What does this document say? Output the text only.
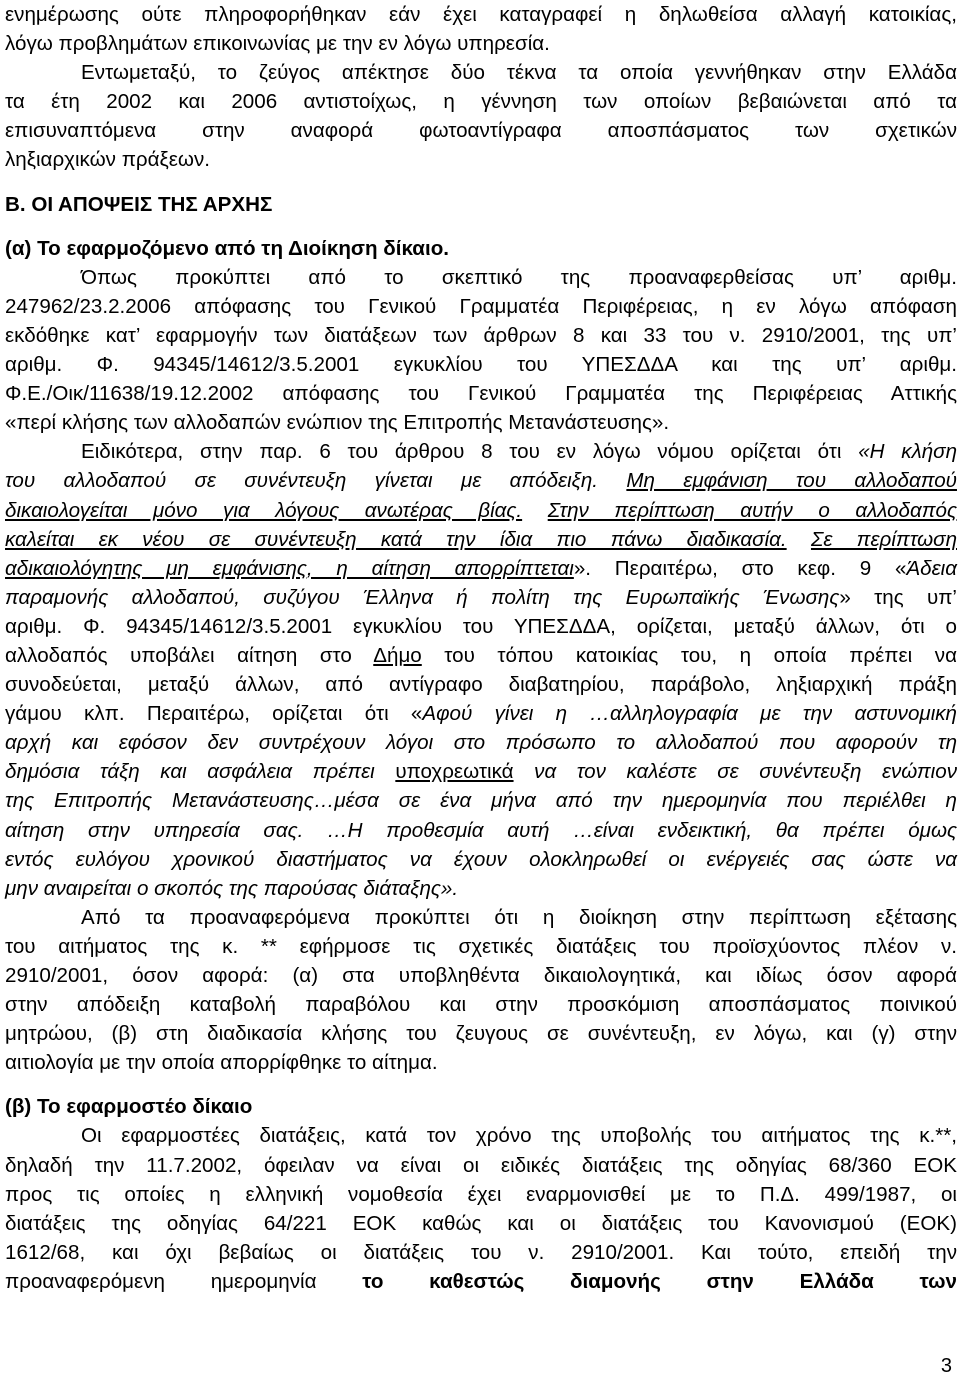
ενημέρωσης ούτε πληροφορήθηκαν εάν έχει καταγραφεί η δηλωθείσα αλλαγή κατοικίας,
λόγω προβλημάτων επικοινωνίας με την εν λόγω υπηρεσία.
Εντωμεταξύ, το ζεύγος απέκτησε δύο τέκνα τα οποία γεννήθηκαν στην Ελλάδα
τα έτη 2002 και 2006 αντιστοίχως, η γέννηση των οποίων βεβαιώνεται από τα
επισυναπτόμενα στην αναφορά φωτοαντίγραφα αποσπάσματος των σχετικών
ληξιαρχικών πράξεων.
Β. ΟΙ ΑΠΟΨΕΙΣ ΤΗΣ ΑΡΧΗΣ
(α) Το εφαρμοζόμενο από τη Διοίκηση δίκαιο.
Όπως προκύπτει από το σκεπτικό της προαναφερθείσας υπ’ αριθμ.
247962/23.2.2006 απόφασης του Γενικού Γραμματέα Περιφέρειας, η εν λόγω απόφαση
εκδόθηκε κατ’ εφαρμογήν των διατάξεων των άρθρων 8 και 33 του ν. 2910/2001, της υπ’
αριθμ. Φ. 94345/14612/3.5.2001 εγκυκλίου του ΥΠΕΣΔΔΑ και της υπ’ αριθμ.
Φ.Ε./Οικ/11638/19.12.2002 απόφασης του Γενικού Γραμματέα της Περιφέρειας Αττικής
«περί κλήσης των αλλοδαπών ενώπιον της Επιτροπής Μετανάστευσης».
Ειδικότερα, στην παρ. 6 του άρθρου 8 του εν λόγω νόμου ορίζεται ότι «Η κλήση
του αλλοδαπού σε συνέντευξη γίνεται με απόδειξη. Μη εμφάνιση του αλλοδαπού
δικαιολογείται μόνο για λόγους ανωτέρας βίας. Στην περίπτωση αυτήν ο αλλοδαπός
καλείται εκ νέου σε συνέντευξη κατά την ίδια πιο πάνω διαδικασία. Σε περίπτωση
αδικαιολόγητης μη εμφάνισης, η αίτηση απορρίπτεται». Περαιτέρω, στο κεφ. 9 «Άδεια
παραμονής αλλοδαπού, συζύγου Έλληνα ή πολίτη της Ευρωπαϊκής Ένωσης» της υπ’
αριθμ. Φ. 94345/14612/3.5.2001 εγκυκλίου του ΥΠΕΣΔΔΑ, ορίζεται, μεταξύ άλλων, ότι ο
αλλοδαπός υποβάλει αίτηση στο Δήμο του τόπου κατοικίας του, η οποία πρέπει να
συνοδεύεται, μεταξύ άλλων, από αντίγραφο διαβατηρίου, παράβολο, ληξιαρχική πράξη
γάμου κλπ. Περαιτέρω, ορίζεται ότι «Αφού γίνει η …αλληλογραφία με την αστυνομική
αρχή και εφόσον δεν συντρέχουν λόγοι στο πρόσωπο το αλλοδαπού που αφορούν τη
δημόσια τάξη και ασφάλεια πρέπει υποχρεωτικά να τον καλέστε σε συνέντευξη ενώπιον
της Επιτροπής Μετανάστευσης…μέσα σε ένα μήνα από την ημερομηνία που περιέλθει η
αίτηση στην υπηρεσία σας. …Η προθεσμία αυτή …είναι ενδεικτική, θα πρέπει όμως
εντός ευλόγου χρονικού διαστήματος να έχουν ολοκληρωθεί οι ενέργειές σας ώστε να
μην αναιρείται ο σκοπός της παρούσας διάταξης».
Από τα προαναφερόμενα προκύπτει ότι η διοίκηση στην περίπτωση εξέτασης
του αιτήματος της κ. ** εφήρμοσε τις σχετικές διατάξεις του προϊσχύοντος πλέον ν.
2910/2001, όσον αφορά: (α) στα υποβληθέντα δικαιολογητικά, και ιδίως όσον αφορά
στην απόδειξη καταβολή παραβόλου και στην προσκόμιση αποσπάσματος ποινικού
μητρώου, (β) στη διαδικασία κλήσης του ζευγους σε συνέντευξη, εν λόγω, και (γ) στην
αιτιολογία με την οποία απορρίφθηκε το αίτημα.
(β) Το εφαρμοστέο δίκαιο
Οι εφαρμοστέες διατάξεις, κατά τον χρόνο της υποβολής του αιτήματος της κ.**,
δηλαδή την 11.7.2002, όφειλαν να είναι οι ειδικές διατάξεις της οδηγίας 68/360 ΕΟΚ
προς τις οποίες η ελληνική νομοθεσία έχει εναρμονισθεί με το Π.Δ. 499/1987, οι
διατάξεις της οδηγίας 64/221 ΕΟΚ καθώς και οι διατάξεις του Κανονισμού (ΕΟΚ)
1612/68, και όχι βεβαίως οι διατάξεις του ν. 2910/2001. Και τούτο, επειδή την
προαναφερόμενη ημερομηνία το καθεστώς διαμονής στην Ελλάδα των
3
